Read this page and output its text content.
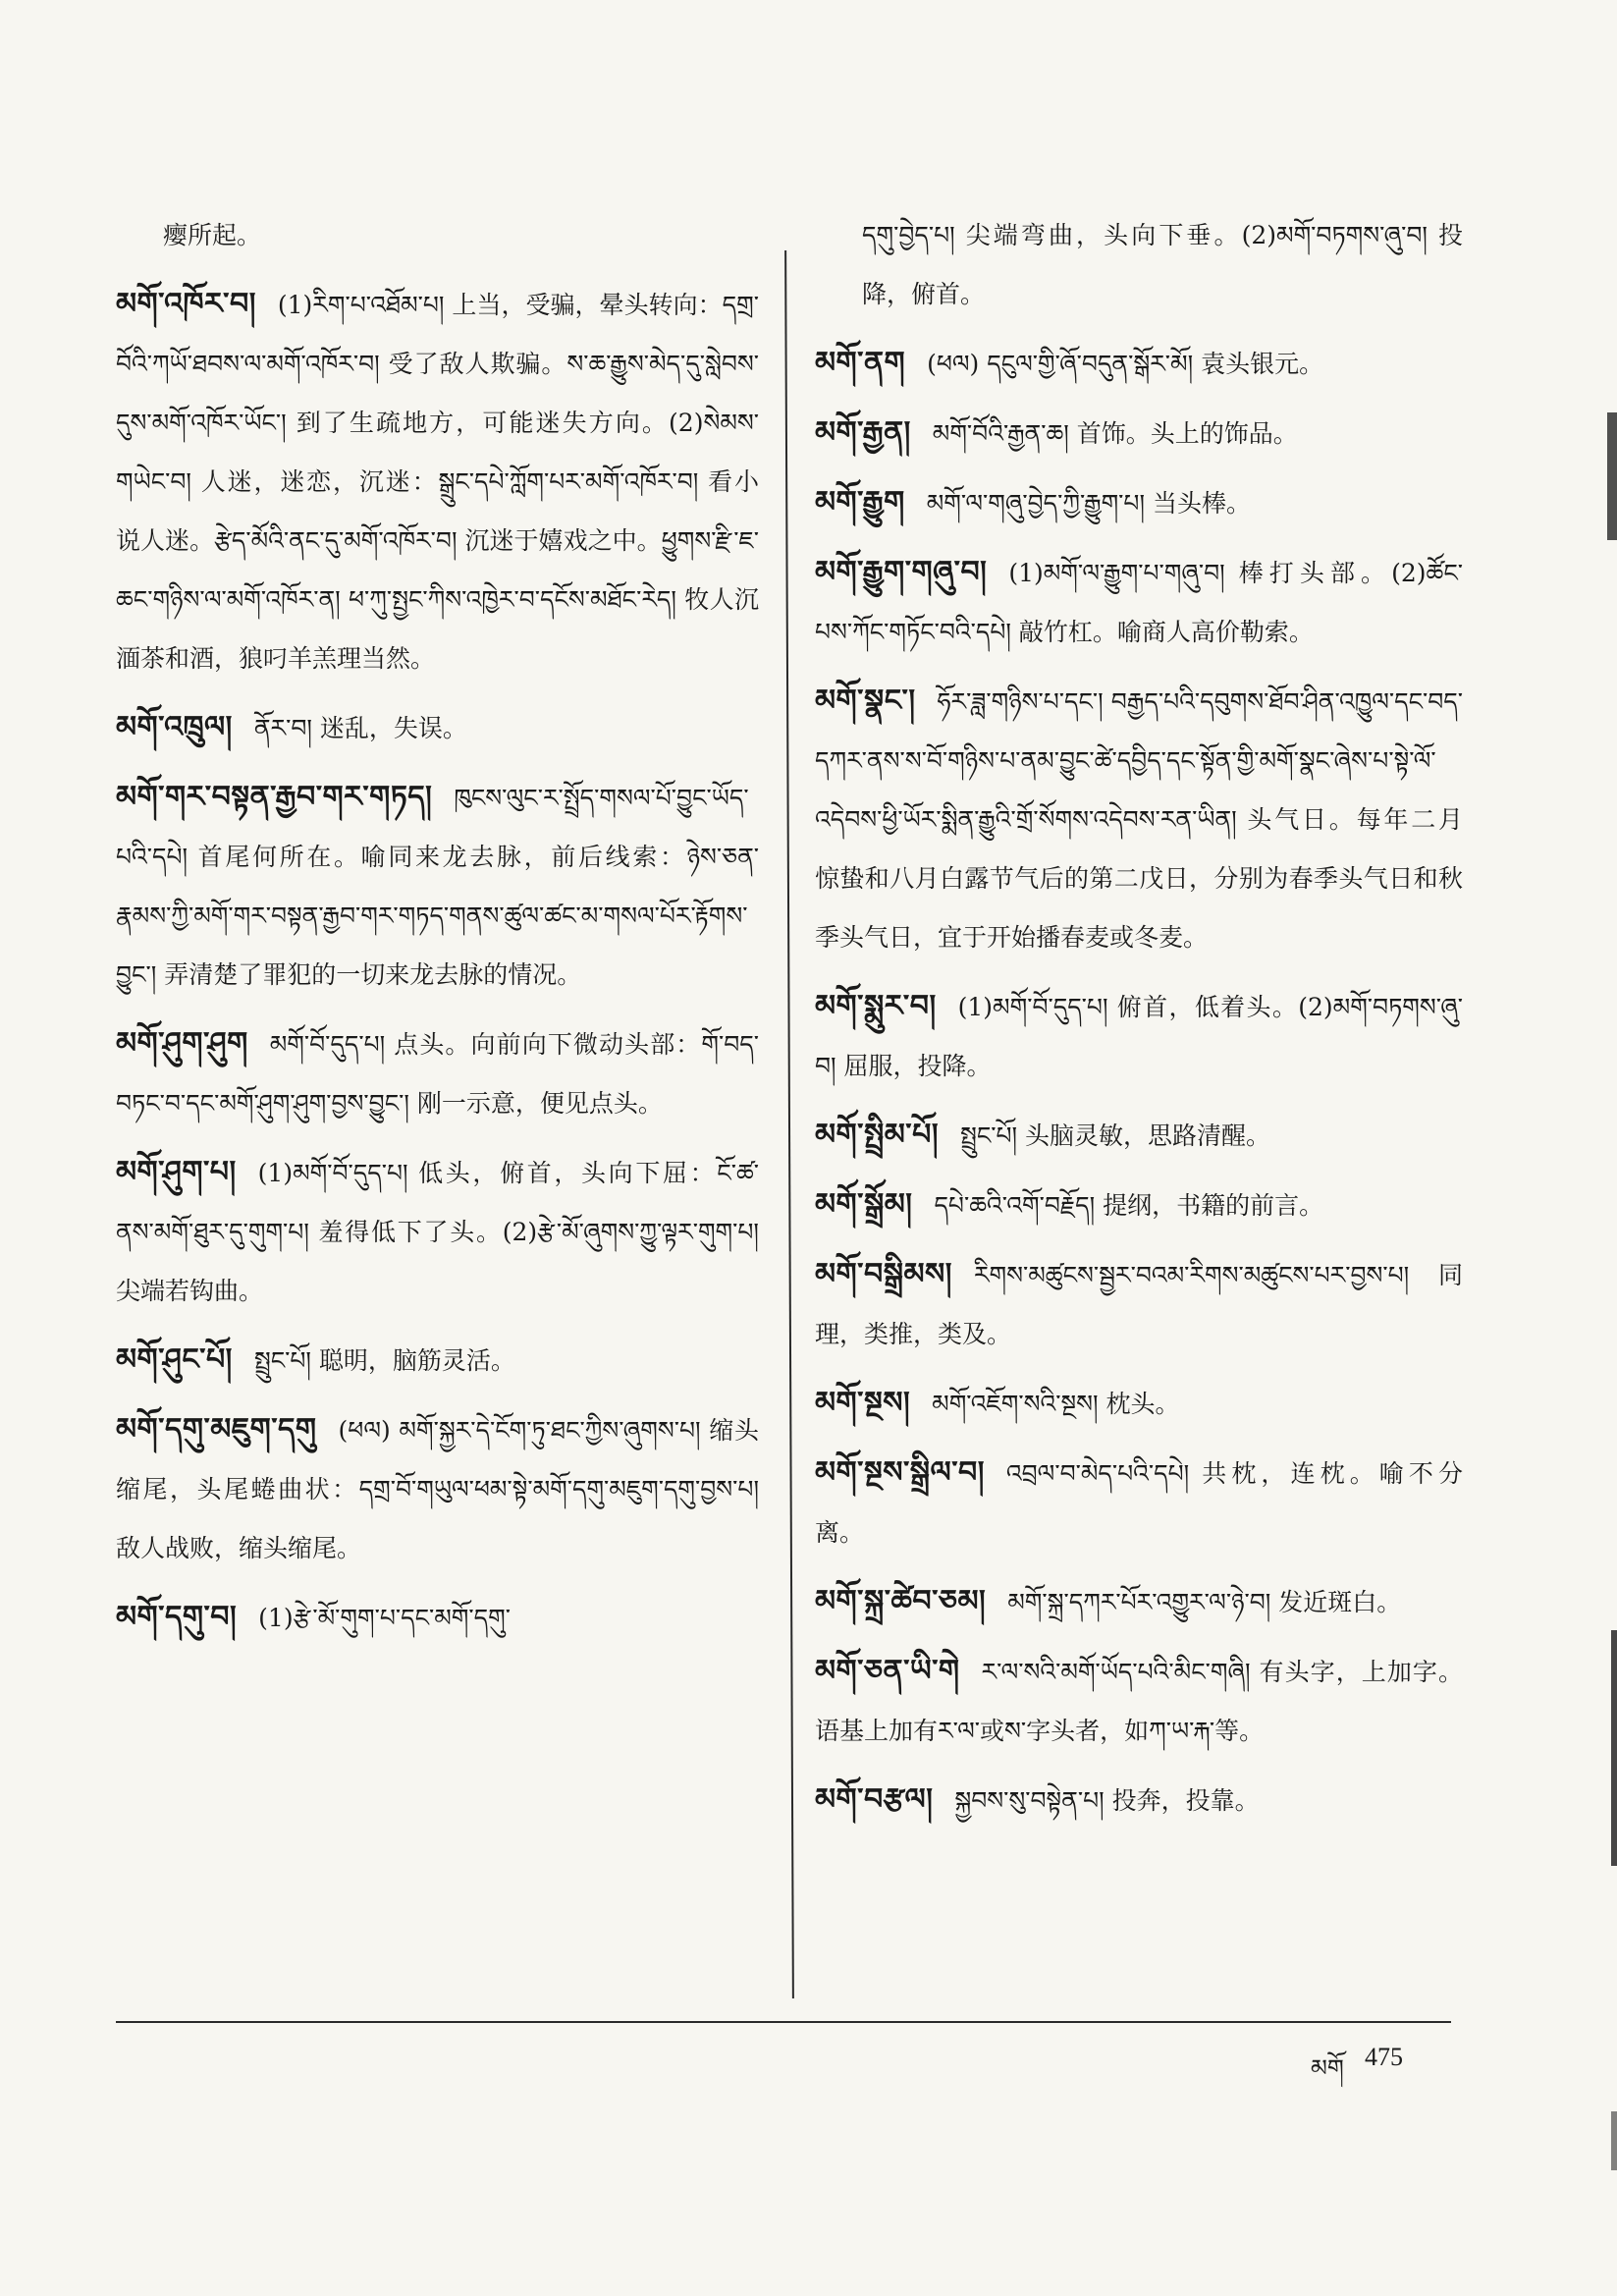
瘿所起。

མགོ་འཁོར་བ། (1)རིག་པ་འཐོམ་པ། 上当，受骗，晕头转向：དགྲ་བོའི་ཀཡོ་ཐབས་ལ་མགོ་འཁོར་བ། 受了敌人欺骗。ས་ཆ་རྒྱུས་མེད་དུ་སླེབས་དུས་མགོ་འཁོར་ཡོང་། 到了生疏地方，可能迷失方向。(2)སེམས་གཡེང་བ། 人迷，迷恋，沉迷：སྒྲུང་དཔེ་ཀློག་པར་མགོ་འཁོར་བ། 看小说人迷。རྩེད་མོའི་ནང་དུ་མགོ་འཁོར་བ། 沉迷于嬉戏之中。ཕྱུགས་རྫི་ཇ་ཆང་གཉིས་ལ་མགོ་འཁོར་ན། ཕ་ཀུ་སྤྱང་ཀིས་འཁྱེར་བ་དངོས་མཐོང་རེད། 牧人沉湎茶和酒，狼叼羊羔理当然。

མགོ་འཁྲུལ། ནོར་བ། 迷乱，失误。

མགོ་གར་བསྟན་རྒྱབ་གར་གཏད། ཁུངས་ལུང་ར་སྤྲོད་གསལ་པོ་བྱུང་ཡོད་པའི་དཔེ། 首尾何所在。喻同来龙去脉，前后线索：ཉེས་ཅན་རྣམས་ཀྱི་མགོ་གར་བསྟན་རྒྱབ་གར་གཏད་གནས་ཚུལ་ཚང་མ་གསལ་པོར་རྟོགས་བྱུང་། 弄清楚了罪犯的一切来龙去脉的情况。

མགོ་ཤུག་ཤུག མགོ་བོ་དུད་པ། 点头。向前向下微动头部：གོ་བད་བཏང་བ་དང་མགོ་ཤུག་ཤུག་བྱས་བྱུང་། 刚一示意，便见点头。

མགོ་ཤུག་པ། (1)མགོ་བོ་དུད་པ། 低头，俯首，头向下屈：ངོ་ཚ་ནས་མགོ་ཐུར་དུ་གུག་པ། 羞得低下了头。(2)རྩེ་མོ་ཞུགས་ཀྱུ་ལྟར་གུག་པ། 尖端若钩曲。

མགོ་ཤུང་པོ། སྤྲུང་པོ། 聪明，脑筋灵活。

མགོ་དགུ་མཇུག་དགུ (ཕལ) མགོ་སྐྱར་དེ་ངོག་ཏུ་ཐང་ཀྱིས་ཞུགས་པ། 缩头缩尾，头尾蜷曲状：དགྲ་བོ་གཡུལ་ཕམ་སྟེ་མགོ་དགུ་མཇུག་དགུ་བྱས་པ། 敌人战败，缩头缩尾。

མགོ་དགུ་བ། (1)རྩེ་མོ་གུག་པ་དང་མགོ་དགུ་

དགུ་བྱེད་པ། 尖端弯曲，头向下垂。(2)མགོ་བཏགས་ཞུ་བ། 投降，俯首。

མགོ་ནག (ཕལ) དངུལ་གྱི་ཞོ་བདུན་སྒོར་མོ། 袁头银元。

མགོ་རྒྱན། མགོ་བོའི་རྒྱན་ཆ། 首饰。头上的饰品。

མགོ་རྒྱུག མགོ་ལ་གཞུ་བྱེད་ཀྱི་རྒྱུག་པ། 当头棒。

མགོ་རྒྱུག་གཞུ་བ། (1)མགོ་ལ་རྒྱུག་པ་གཞུ་བ། 棒打头部。(2)ཚོང་པས་ཀོང་གཏོང་བའི་དཔེ། 敲竹杠。喻商人高价勒索。

མགོ་སྣང་། ཧོར་ཟླ་གཉིས་པ་དང་། བརྒྱད་པའི་དབུགས་ཐོབ་ཤིན་འཁྱུལ་དང་བད་དཀར་ནས་ས་བོ་གཉིས་པ་ནམ་བྱུང་ཚེ་དབྱིད་དང་སྟོན་གྱི་མགོ་སྣང་ཞེས་པ་སྟེ་ལོ་འདེབས་ཕྱི་ཡོར་སྨིན་རྒྱུའི་གྲོ་སོགས་འདེབས་རན་ཡིན། 头气日。每年二月惊蛰和八月白露节气后的第二戊日，分别为春季头气日和秋季头气日，宜于开始播春麦或冬麦。

མགོ་སྨུར་བ། (1)མགོ་བོ་དུད་པ། 俯首，低着头。(2)མགོ་བཏགས་ཞུ་བ། 屈服，投降。

མགོ་སྤྲིམ་པོ། སྤྲུང་པོ། 头脑灵敏，思路清醒。

མགོ་སྒྲོམ། དཔེ་ཆའི་འགོ་བརྗོད། 提纲，书籍的前言。

མགོ་བསྒྲིམས། རིགས་མཚུངས་སྦྱར་བའམ་རིགས་མཚུངས་པར་བྱས་པ། 同理，类推，类及。

མགོ་སྔས། མགོ་འཇོག་སའི་སྔས། 枕头。

མགོ་སྔས་སྒྲིལ་བ། འབྲལ་བ་མེད་པའི་དཔེ། 共枕，连枕。喻不分离。

མགོ་སྐྲ་ཚེབ་ཅམ། མགོ་སྐྲ་དཀར་པོར་འགྱུར་ལ་ཉེ་བ། 发近斑白。

མགོ་ཅན་ཡི་གེ ར་ལ་སའི་མགོ་ཡོད་པའི་མིང་གཞི། 有头字，上加字。语基上加有ར་ལ་或ས་字头者，如ཀ་ཡ་རྐ་等。

མགོ་བརྩལ། སྐྱབས་སུ་བསྟེན་པ། 投奔，投靠。

མགོ 475
